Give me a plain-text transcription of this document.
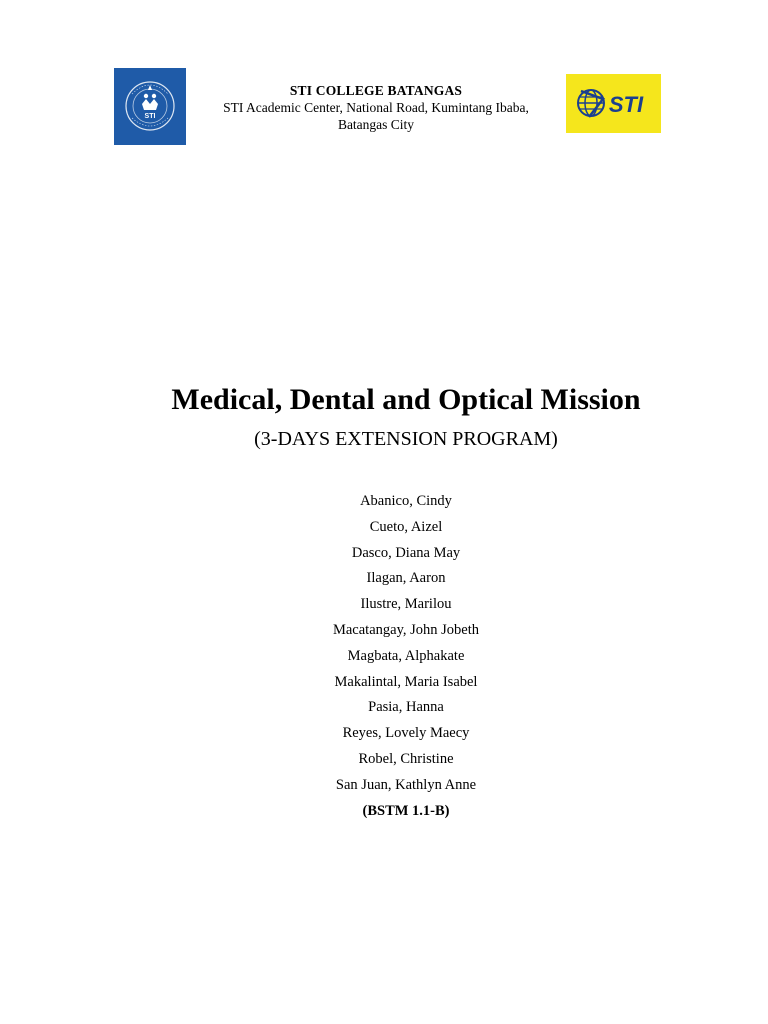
STI
STI COLLEGE BATANGAS
STI Academic Center, National Road, Kumintang Ibaba,
Batangas City
STI
Medical, Dental and Optical Mission
(3-DAYS EXTENSION PROGRAM)
Abanico, Cindy
Cueto, Aizel
Dasco, Diana May
Ilagan, Aaron
Ilustre, Marilou
Macatangay, John Jobeth
Magbata, Alphakate
Makalintal, Maria Isabel
Pasia, Hanna
Reyes, Lovely Maecy
Robel, Christine
San Juan, Kathlyn Anne
(BSTM 1.1-B)
